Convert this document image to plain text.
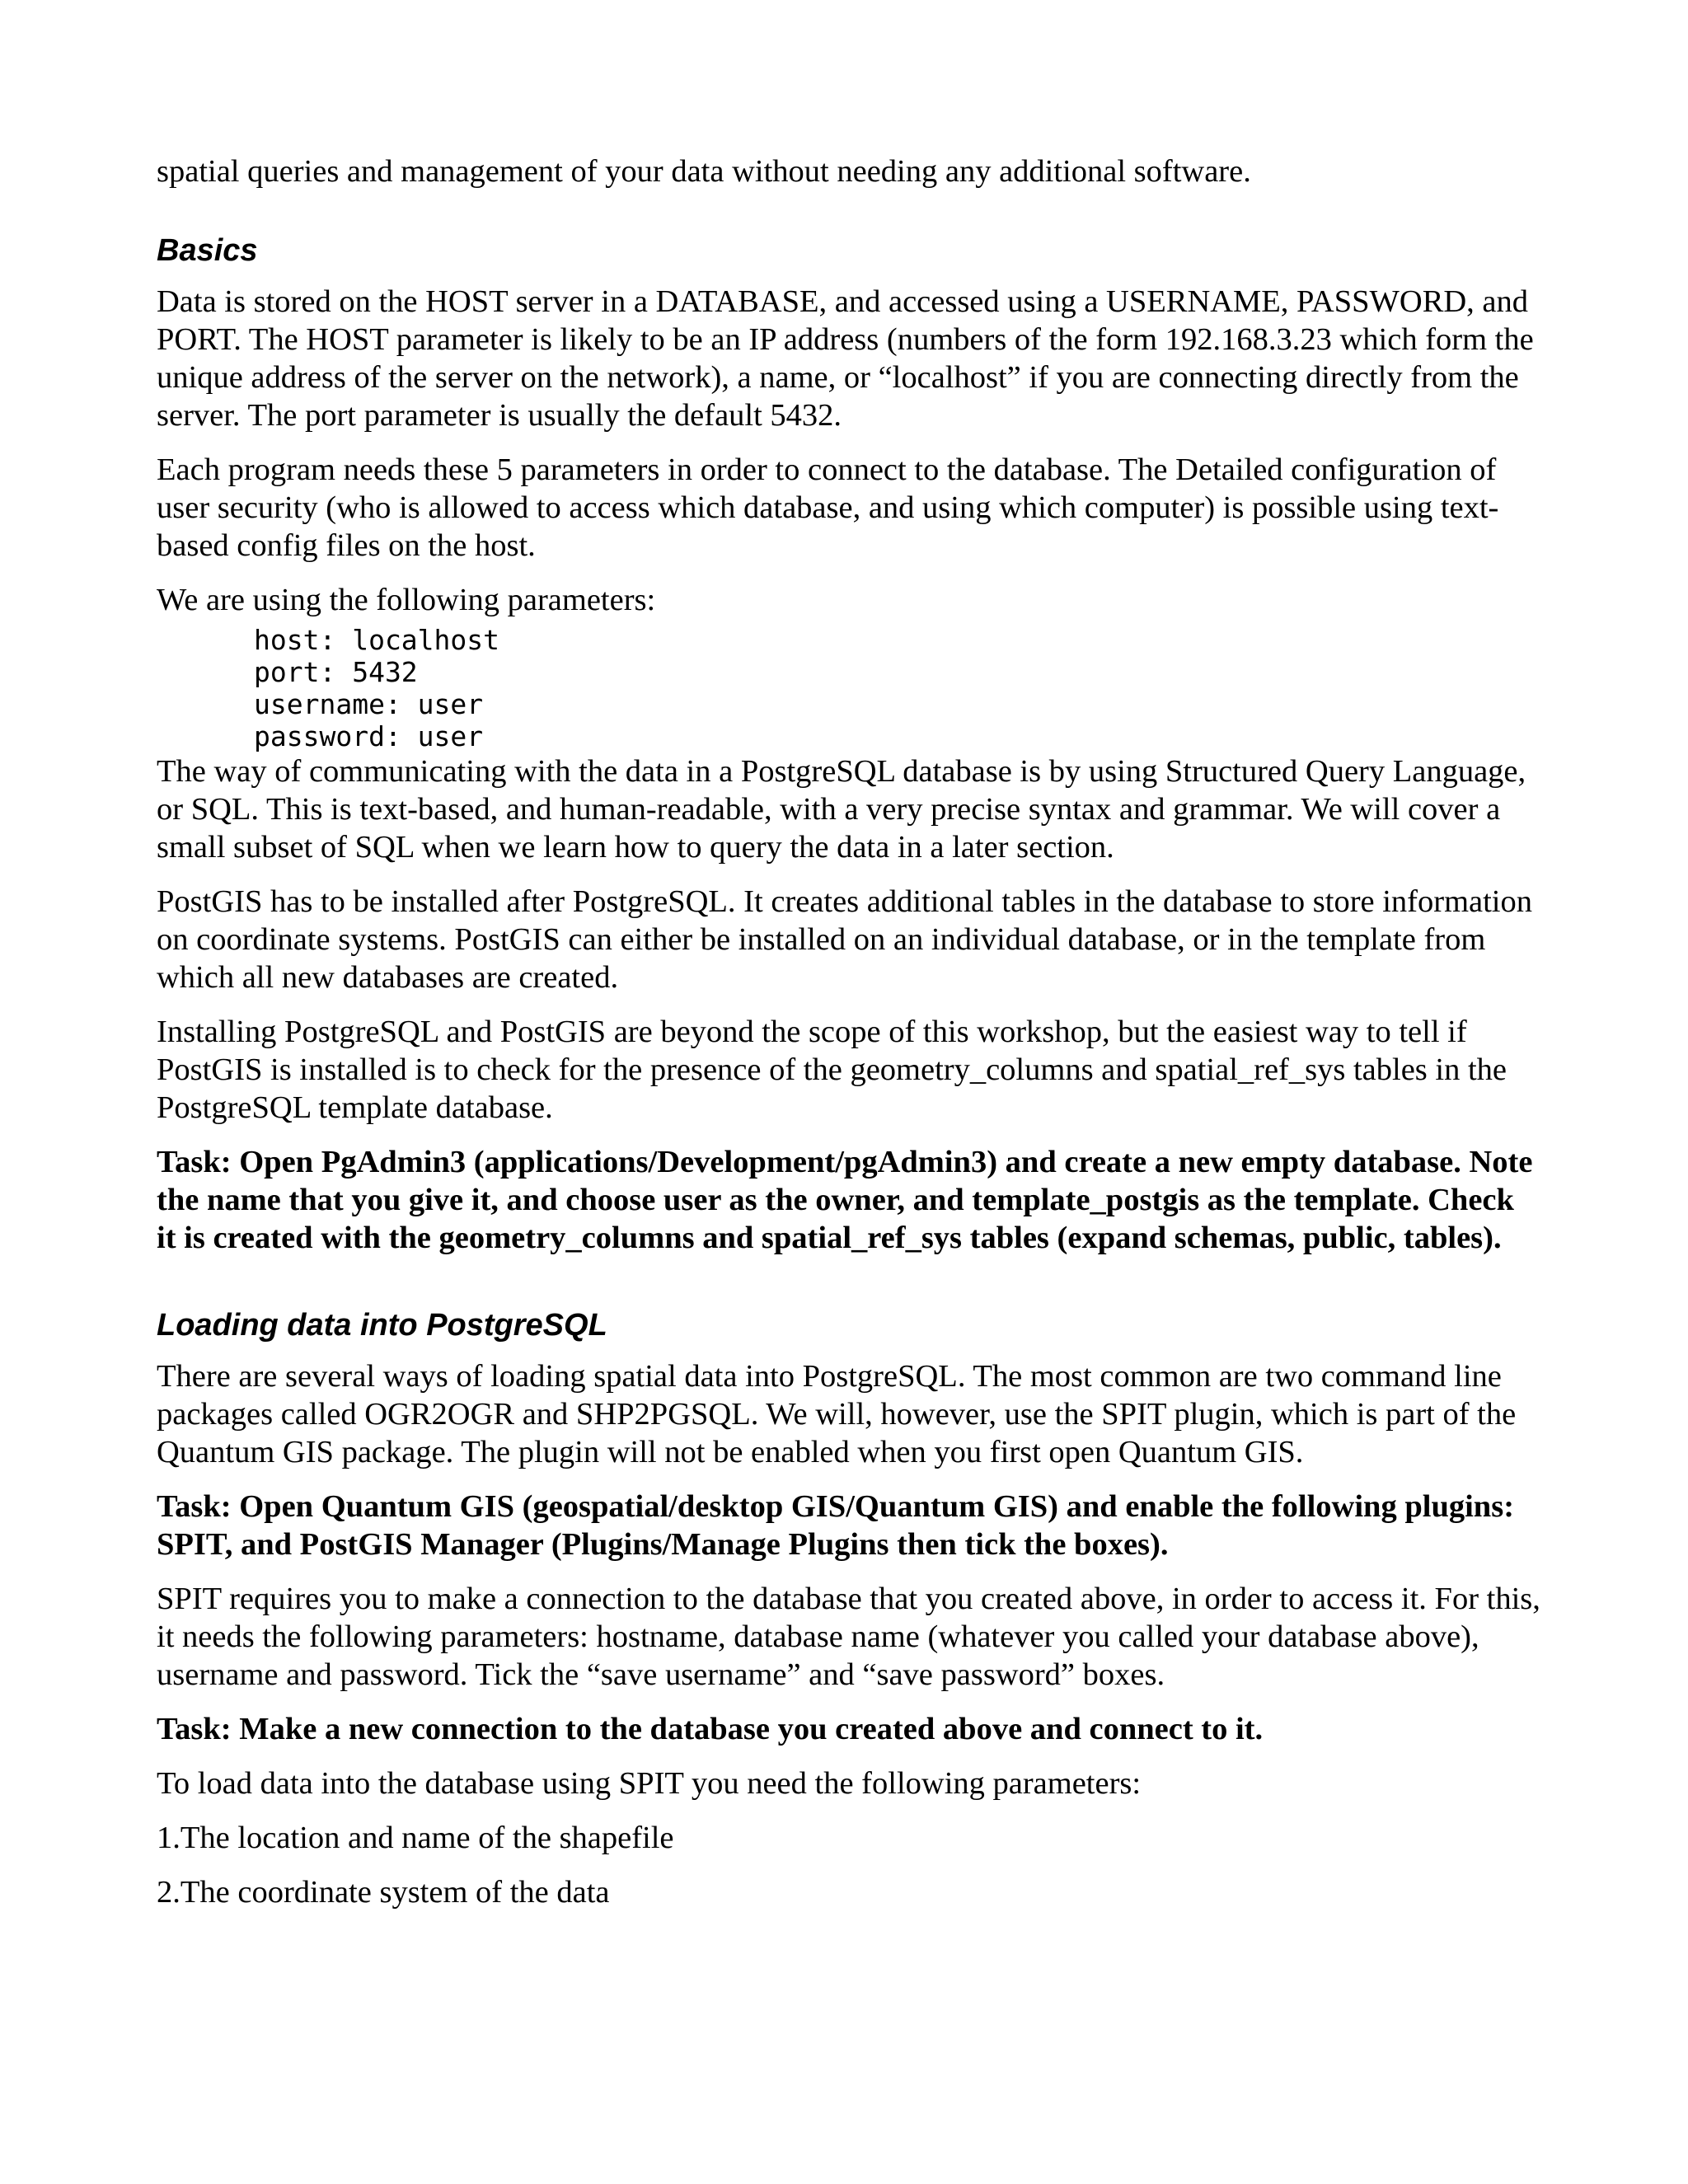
spatial queries and management of your data without needing any additional software.

Basics

Data is stored on the HOST server in a DATABASE, and accessed using a USERNAME, PASSWORD, and PORT. The HOST parameter is likely to be an IP address (numbers of the form 192.168.3.23 which form the unique address of the server on the network), a name, or “localhost” if you are connecting directly from the server. The port parameter is usually the default 5432.

Each program needs these 5 parameters in order to connect to the database. The Detailed configuration of user security (who is allowed to access which database, and using which computer) is possible using text-based config files on the host.

We are using the following parameters:

host: localhost
port: 5432
username: user
password: user

The way of communicating with the data in a PostgreSQL database is by using Structured Query Language, or SQL. This is text-based, and human-readable, with a very precise syntax and grammar. We will cover a small subset of SQL when we learn how to query the data in a later section.

PostGIS has to be installed after PostgreSQL. It creates additional tables in the database to store information on coordinate systems. PostGIS can either be installed on an individual database, or in the template from which all new databases are created.

Installing PostgreSQL and PostGIS are beyond the scope of this workshop, but the easiest way to tell if PostGIS is installed is to check for the presence of the geometry_columns and spatial_ref_sys tables in the PostgreSQL template database.

Task: Open PgAdmin3 (applications/Development/pgAdmin3) and create a new empty database. Note the name that you give it, and choose user as the owner, and template_postgis as the template. Check it is created with the geometry_columns and spatial_ref_sys tables (expand schemas, public, tables).

Loading data into PostgreSQL

There are several ways of loading spatial data into PostgreSQL. The most common are two command line packages called OGR2OGR and SHP2PGSQL. We will, however, use the SPIT plugin, which is part of the Quantum GIS package. The plugin will not be enabled when you first open Quantum GIS.

Task: Open Quantum GIS (geospatial/desktop GIS/Quantum GIS) and enable the following plugins: SPIT, and PostGIS Manager (Plugins/Manage Plugins then tick the boxes).

SPIT requires you to make a connection to the database that you created above, in order to access it. For this, it needs the following parameters: hostname, database name (whatever you called your database above), username and password. Tick the “save username” and “save password” boxes.

Task: Make a new connection to the database you created above and connect to it.

To load data into the database using SPIT you need the following parameters:

1.The location and name of the shapefile
2.The coordinate system of the data
